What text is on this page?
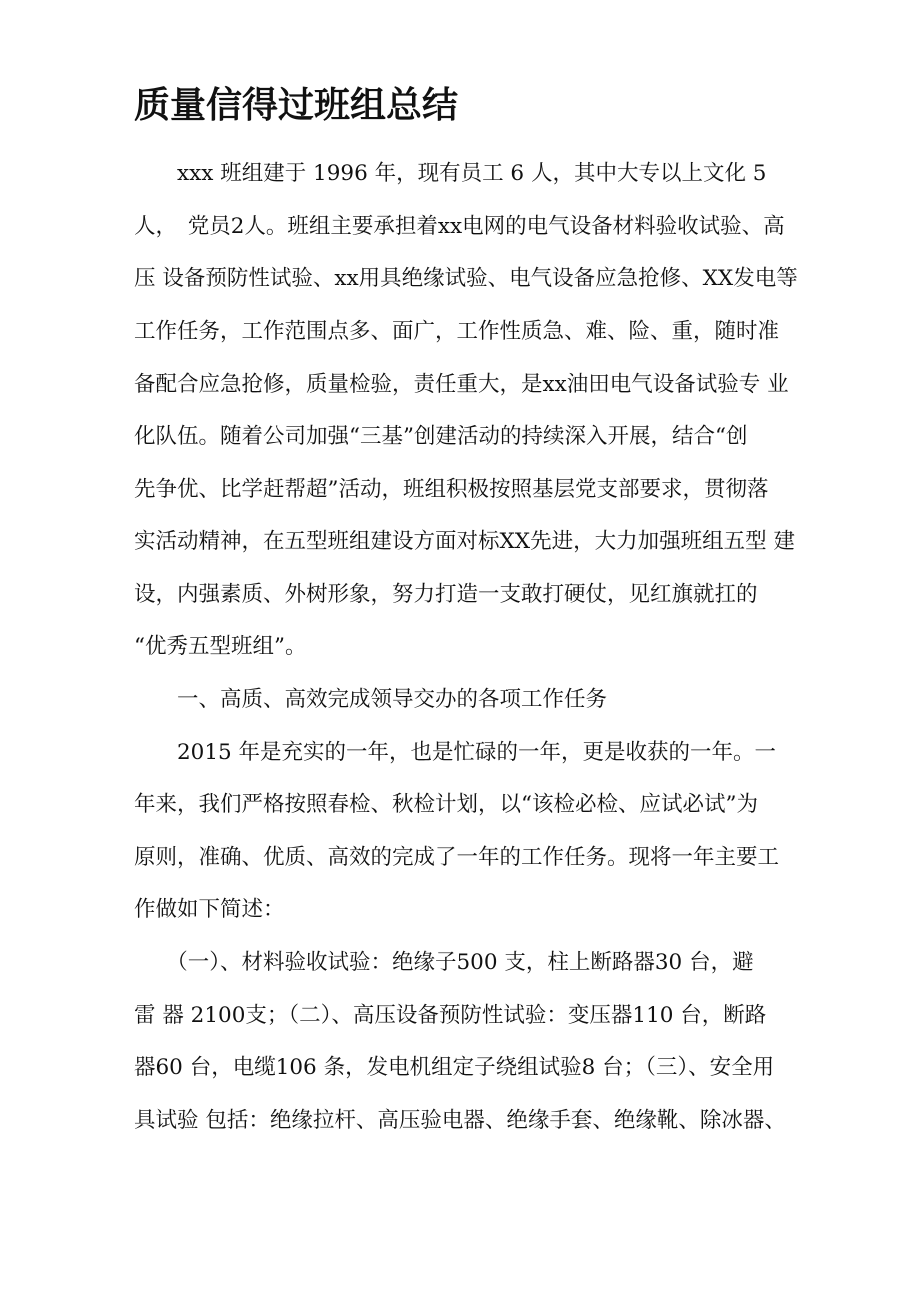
质量信得过班组总结

　　xxx 班组建于 1996 年，现有员工 6 人，其中大专以上文化 5

人，　党员2人。班组主要承担着xx电网的电气设备材料验收试验、高

压 设备预防性试验、xx用具绝缘试验、电气设备应急抢修、XX发电等

工作任务，工作范围点多、面广，工作性质急、难、险、重，随时准

备配合应急抢修，质量检验，责任重大，是xx油田电气设备试验专 业

化队伍。随着公司加强“三基”创建活动的持续深入开展，结合“创

先争优、比学赶帮超”活动，班组积极按照基层党支部要求，贯彻落

实活动精神，在五型班组建设方面对标XX先进，大力加强班组五型 建

设，内强素质、外树形象，努力打造一支敢打硬仗，见红旗就扛的

“优秀五型班组”。

　　一、高质、高效完成领导交办的各项工作任务

　　2015 年是充实的一年，也是忙碌的一年，更是收获的一年。一

年来，我们严格按照春检、秋检计划，以“该检必检、应试必试”为

原则，准确、优质、高效的完成了一年的工作任务。现将一年主要工

作做如下简述：

　　（一）、材料验收试验：绝缘子500 支，柱上断路器30 台，避

雷 器 2100支；（二）、高压设备预防性试验：变压器110 台，断路

器60 台，电缆106 条，发电机组定子绕组试验8 台；（三）、安全用

具试验 包括：绝缘拉杆、高压验电器、绝缘手套、绝缘靴、除冰器、
